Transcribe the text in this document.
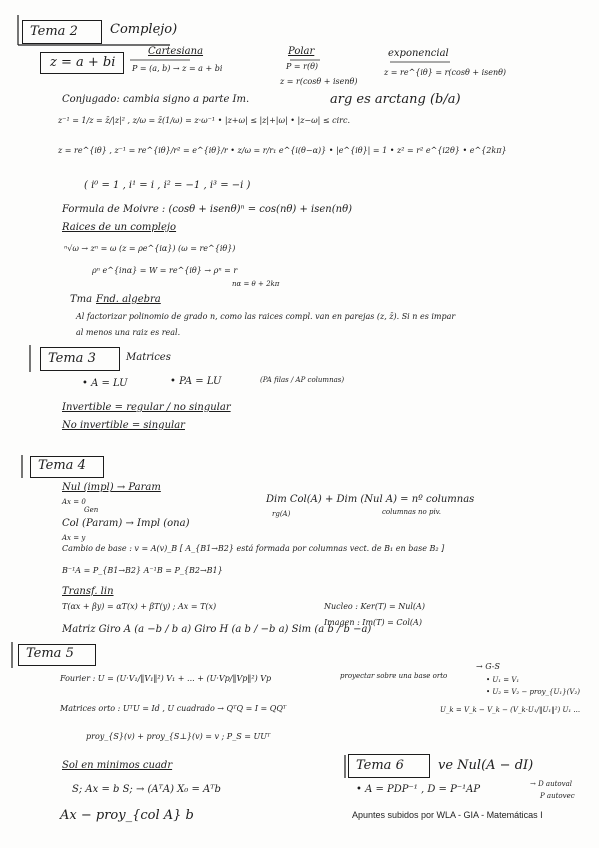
Tema 2 Complejo)
z = a + bi
Cartesiana
P = (a, b) → z = a + bi
Polar
P = r(θ)
z = r(cosθ + isenθ)
exponencial
z = re^{iθ} = r(cosθ + isenθ)
arg es arctang (b/a)
Conjugado: cambia signo a parte Im.
z⁻¹ = 1/z = z̄/|z|² , z/ω = z̄(1/ω) = z·ω⁻¹ • |z+ω| ≤ |z|+|ω| • |z−ω| ≤ circ.
z = re^{iθ} , z⁻¹ = re^{iθ}/r² = e^{iθ}/r • z/ω = r/r₁ e^{i(θ−α)} • |e^{iθ}| = 1 • z² = r² e^{i2θ} • e^{2kπ}
( i⁰ = 1 , i¹ = i , i² = −1 , i³ = −i )
Formula de Moivre : (cosθ + isenθ)ⁿ = cos(nθ) + isen(nθ)
Raices de un complejo
ⁿ√ω → zⁿ = ω (z = ρe^{iα}) (ω = re^{iθ})
ρⁿ e^{inα} = W = re^{iθ} → ρⁿ = r
nα = θ + 2kπ
Tma Fnd. algebra
Al factorizar polinomio de grado n, como las raices compl. van en parejas (z, z̄). Si n es impar
al menos una raiz es real.
Tema 3	Matrices
• A = LU	• PA = LU	(PA filas / AP columnas)
Invertible = regular / no singular
No invertible = singular
Tema 4
Nul (impl) → Param
Ax = 0
Gen
Col (Param) → Impl (ona)
Ax = y
Dim Col(A) + Dim (Nul A) = nº columnas
rg(A)	columnas no piv.
Cambio de base : v = A(v)_B [ A_{B1→B2} está formada por columnas vect. de B₁ en base B₂ ]
B⁻¹A = P_{B1→B2} A⁻¹B = P_{B2→B1}
Transf. lin
T(αx + βy) = αT(x) + βT(y) ; Ax = T(x)	Nucleo : Ker(T) = Nul(A)
Imagen : Im(T) = Col(A)
Matriz Giro A (a −b / b a) Giro H (a b / −b a) Sim (a b / b −a)
Tema 5
Fourier : U = (U·V₁/‖V₁‖²) V₁ + ... + (U·Vp/‖Vp‖²) Vp	proyectar sobre una base orto
→ G-S
• U₁ = V₁
• U₂ = V₂ − proy_{U₁}(V₂)
U_k = V_k − V_k − (V_k·U₁/‖U₁‖²) U₁ ...
Matrices orto : UᵀU = Id , U cuadrado → QᵀQ = I = QQᵀ
proy_{S}(v) + proy_{S⊥}(v) = v ; P_S = UUᵀ
Sol en minimos cuadr
S; Ax = b S; → (AᵀA) X₀ = Aᵀb
Ax − proy_{col A} b
Tema 6	ve Nul(A − dI)
• A = PDP⁻¹ , D = P⁻¹AP	→ D autoval
P autovec
Apuntes subidos por WLA - GIA - Matemáticas I
